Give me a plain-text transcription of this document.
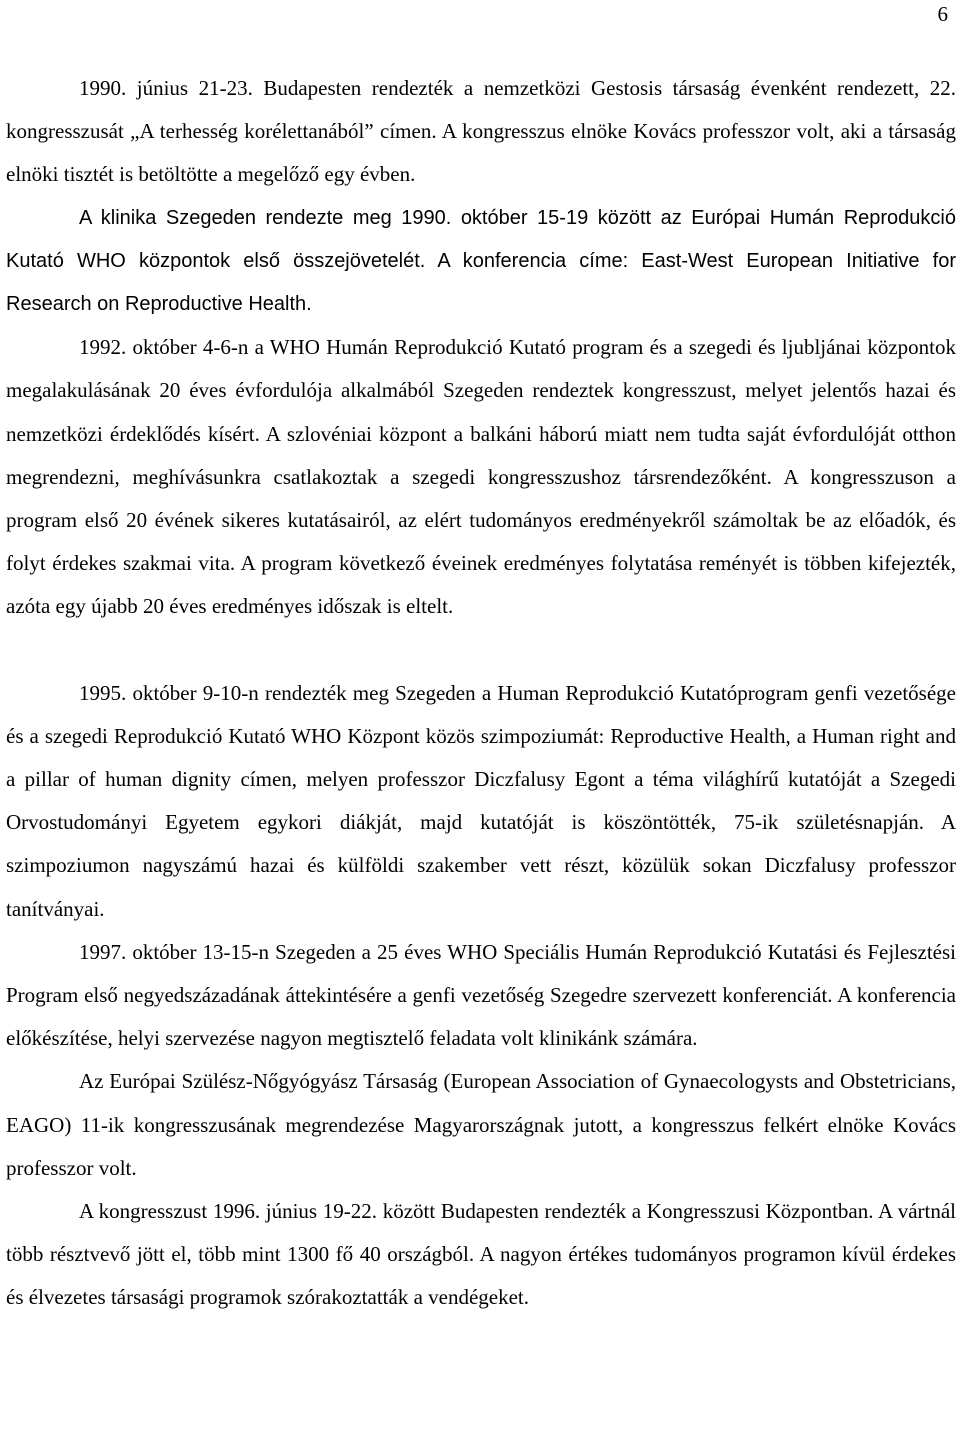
6

1990. június 21-23. Budapesten rendezték a nemzetközi Gestosis társaság évenként rendezett, 22. kongresszusát „A terhesség korélettanából” címen. A kongresszus elnöke Kovács professzor volt, aki a társaság elnöki tisztét is betöltötte a megelőző egy évben.

A klinika Szegeden rendezte meg 1990. október 15-19 között az Európai Humán Reprodukció Kutató WHO központok első összejövetelét. A konferencia címe: East-West European Initiative for Research on Reproductive Health.

1992. október 4-6-n a WHO Humán Reprodukció Kutató program és a szegedi és ljubljánai központok megalakulásának 20 éves évfordulója alkalmából Szegeden rendeztek kongresszust, melyet jelentős hazai és nemzetközi érdeklődés kísért. A szlovéniai központ a balkáni háború miatt nem tudta saját évfordulóját otthon megrendezni, meghívásunkra csatlakoztak a szegedi kongresszushoz társrendezőként. A kongresszuson a program első 20 évének sikeres kutatásairól, az elért tudományos eredményekről számoltak be az előadók, és folyt érdekes szakmai vita. A program következő éveinek eredményes folytatása reményét is többen kifejezték, azóta egy újabb 20 éves eredményes időszak is eltelt.

1995. október 9-10-n rendezték meg Szegeden a Human Reprodukció Kutatóprogram genfi vezetősége és a szegedi Reprodukció Kutató WHO Központ közös szimpoziumát: Reproductive Health, a Human right and a pillar of human dignity címen, melyen professzor Diczfalusy Egont a téma világhírű kutatóját a Szegedi Orvostudományi Egyetem egykori diákját, majd kutatóját is köszöntötték, 75-ik születésnapján. A szimpoziumon nagyszámú hazai és külföldi szakember vett részt, közülük sokan Diczfalusy professzor tanítványai.

1997. október 13-15-n Szegeden a 25 éves WHO Speciális Humán Reprodukció Kutatási és Fejlesztési Program első negyedszázadának áttekintésére a genfi vezetőség Szegedre szervezett konferenciát. A konferencia előkészítése, helyi szervezése nagyon megtisztelő feladata volt klinikánk számára.

Az Európai Szülész-Nőgyógyász Társaság (European Association of Gynaecologysts and Obstetricians, EAGO) 11-ik kongresszusának megrendezése Magyarországnak jutott, a kongresszus felkért elnöke Kovács professzor volt.

A kongresszust 1996. június 19-22. között Budapesten rendezték a Kongresszusi Központban. A vártnál több résztvevő jött el, több mint 1300 fő 40 országból. A nagyon értékes tudományos programon kívül érdekes és élvezetes társasági programok szórakoztatták a vendégeket.
